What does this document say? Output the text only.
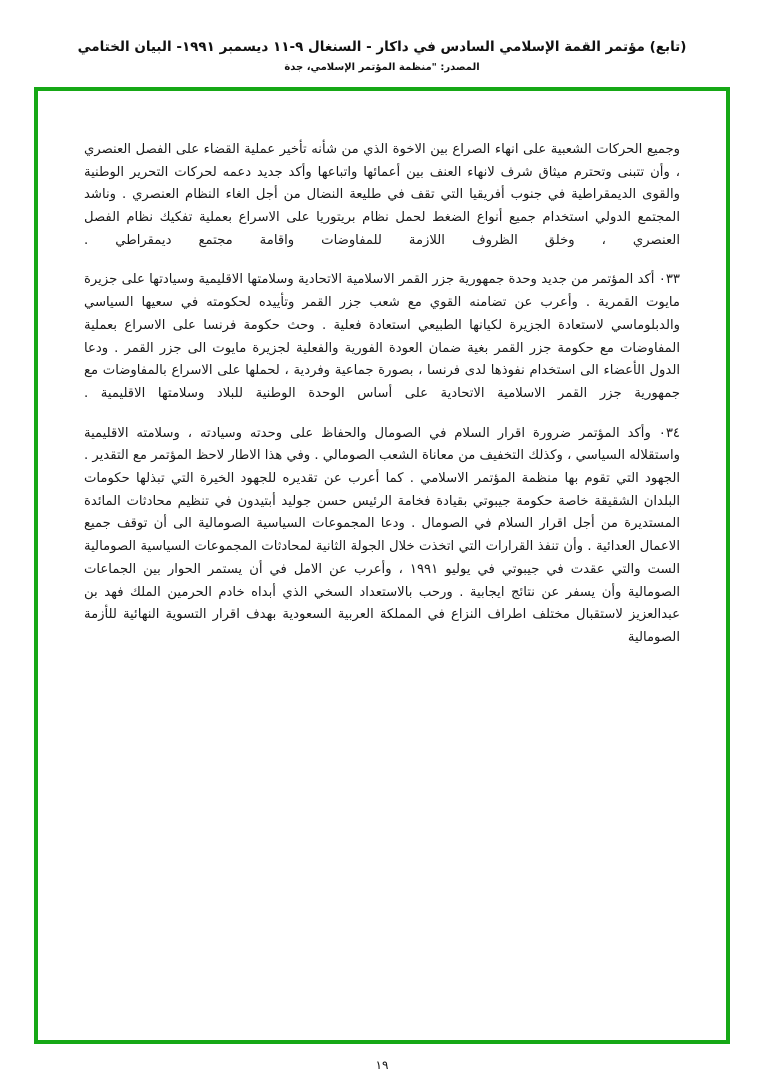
(تابع) مؤتمر القمة الإسلامي السادس في داكار - السنغال ٩-١١ ديسمبر ١٩٩١- البيان الختامي
المصدر: "منظمة المؤتمر الإسلامي، جدة

وجميع الحركات الشعبية على انهاء الصراع بين الاخوة الذي من شأنه تأخير عملية القضاء على الفصل العنصري ، وأن تتبنى وتحترم ميثاق شرف لانهاء العنف بين أعمائها واتباعها وأكد جديد دعمه لحركات التحرير الوطنية والقوى الديمقراطية في جنوب أفريقيا التي تقف في طليعة النضال من أجل الغاء النظام العنصري . وناشد المجتمع الدولي استخدام جميع أنواع الضغط لحمل نظام بريتوريا على الاسراع بعملية تفكيك نظام الفصل العنصري ، وخلق الظروف اللازمة للمفاوضات واقامة مجتمع ديمقراطي .

٠٣٣ أكد المؤتمر من جديد وحدة جمهورية جزر القمر الاسلامية الاتحادية وسلامتها الاقليمية وسيادتها على جزيرة مايوت القمرية . وأعرب عن تضامنه القوي مع شعب جزر القمر وتأييده لحكومته في سعيها السياسي والدبلوماسي لاستعادة الجزيرة لكيانها الطبيعي استعادة فعلية . وحث حكومة فرنسا على الاسراع بعملية المفاوضات مع حكومة جزر القمر بغية ضمان العودة الفورية والفعلية لجزيرة مايوت الى جزر القمر . ودعا الدول الأعضاء الى استخدام نفوذها لدى فرنسا ، بصورة جماعية وفردية ، لحملها على الاسراع بالمفاوضات مع جمهورية جزر القمر الاسلامية الاتحادية على أساس الوحدة الوطنية للبلاد وسلامتها الاقليمية .

٠٣٤ وأكد المؤتمر ضرورة اقرار السلام في الصومال والحفاظ على وحدته وسيادته ، وسلامته الاقليمية واستقلاله السياسي ، وكذلك التخفيف من معاناة الشعب الصومالي . وفي هذا الاطار لاحظ المؤتمر مع التقدير . الجهود التي تقوم بها منظمة المؤتمر الاسلامي . كما أعرب عن تقديره للجهود الخيرة التي تبذلها حكومات البلدان الشقيقة خاصة حكومة جيبوتي بقيادة فخامة الرئيس حسن جوليد أبتيدون في تنظيم محادثات المائدة المستديرة من أجل اقرار السلام في الصومال . ودعا المجموعات السياسية الصومالية الى أن توقف جميع الاعمال العدائية . وأن تنفذ القرارات التي اتخذت خلال الجولة الثانية لمحادثات المجموعات السياسية الصومالية الست والتي عقدت في جيبوتي في يوليو ١٩٩١ ، وأعرب عن الامل في أن يستمر الحوار بين الجماعات الصومالية وأن يسفر عن نتائج ايجابية . ورحب بالاستعداد السخي الذي أبداه خادم الحرمين الملك فهد بن عبدالعزيز لاستقبال مختلف اطراف النزاع في المملكة العربية السعودية بهدف اقرار التسوية النهائية للأزمة الصومالية

١٩
